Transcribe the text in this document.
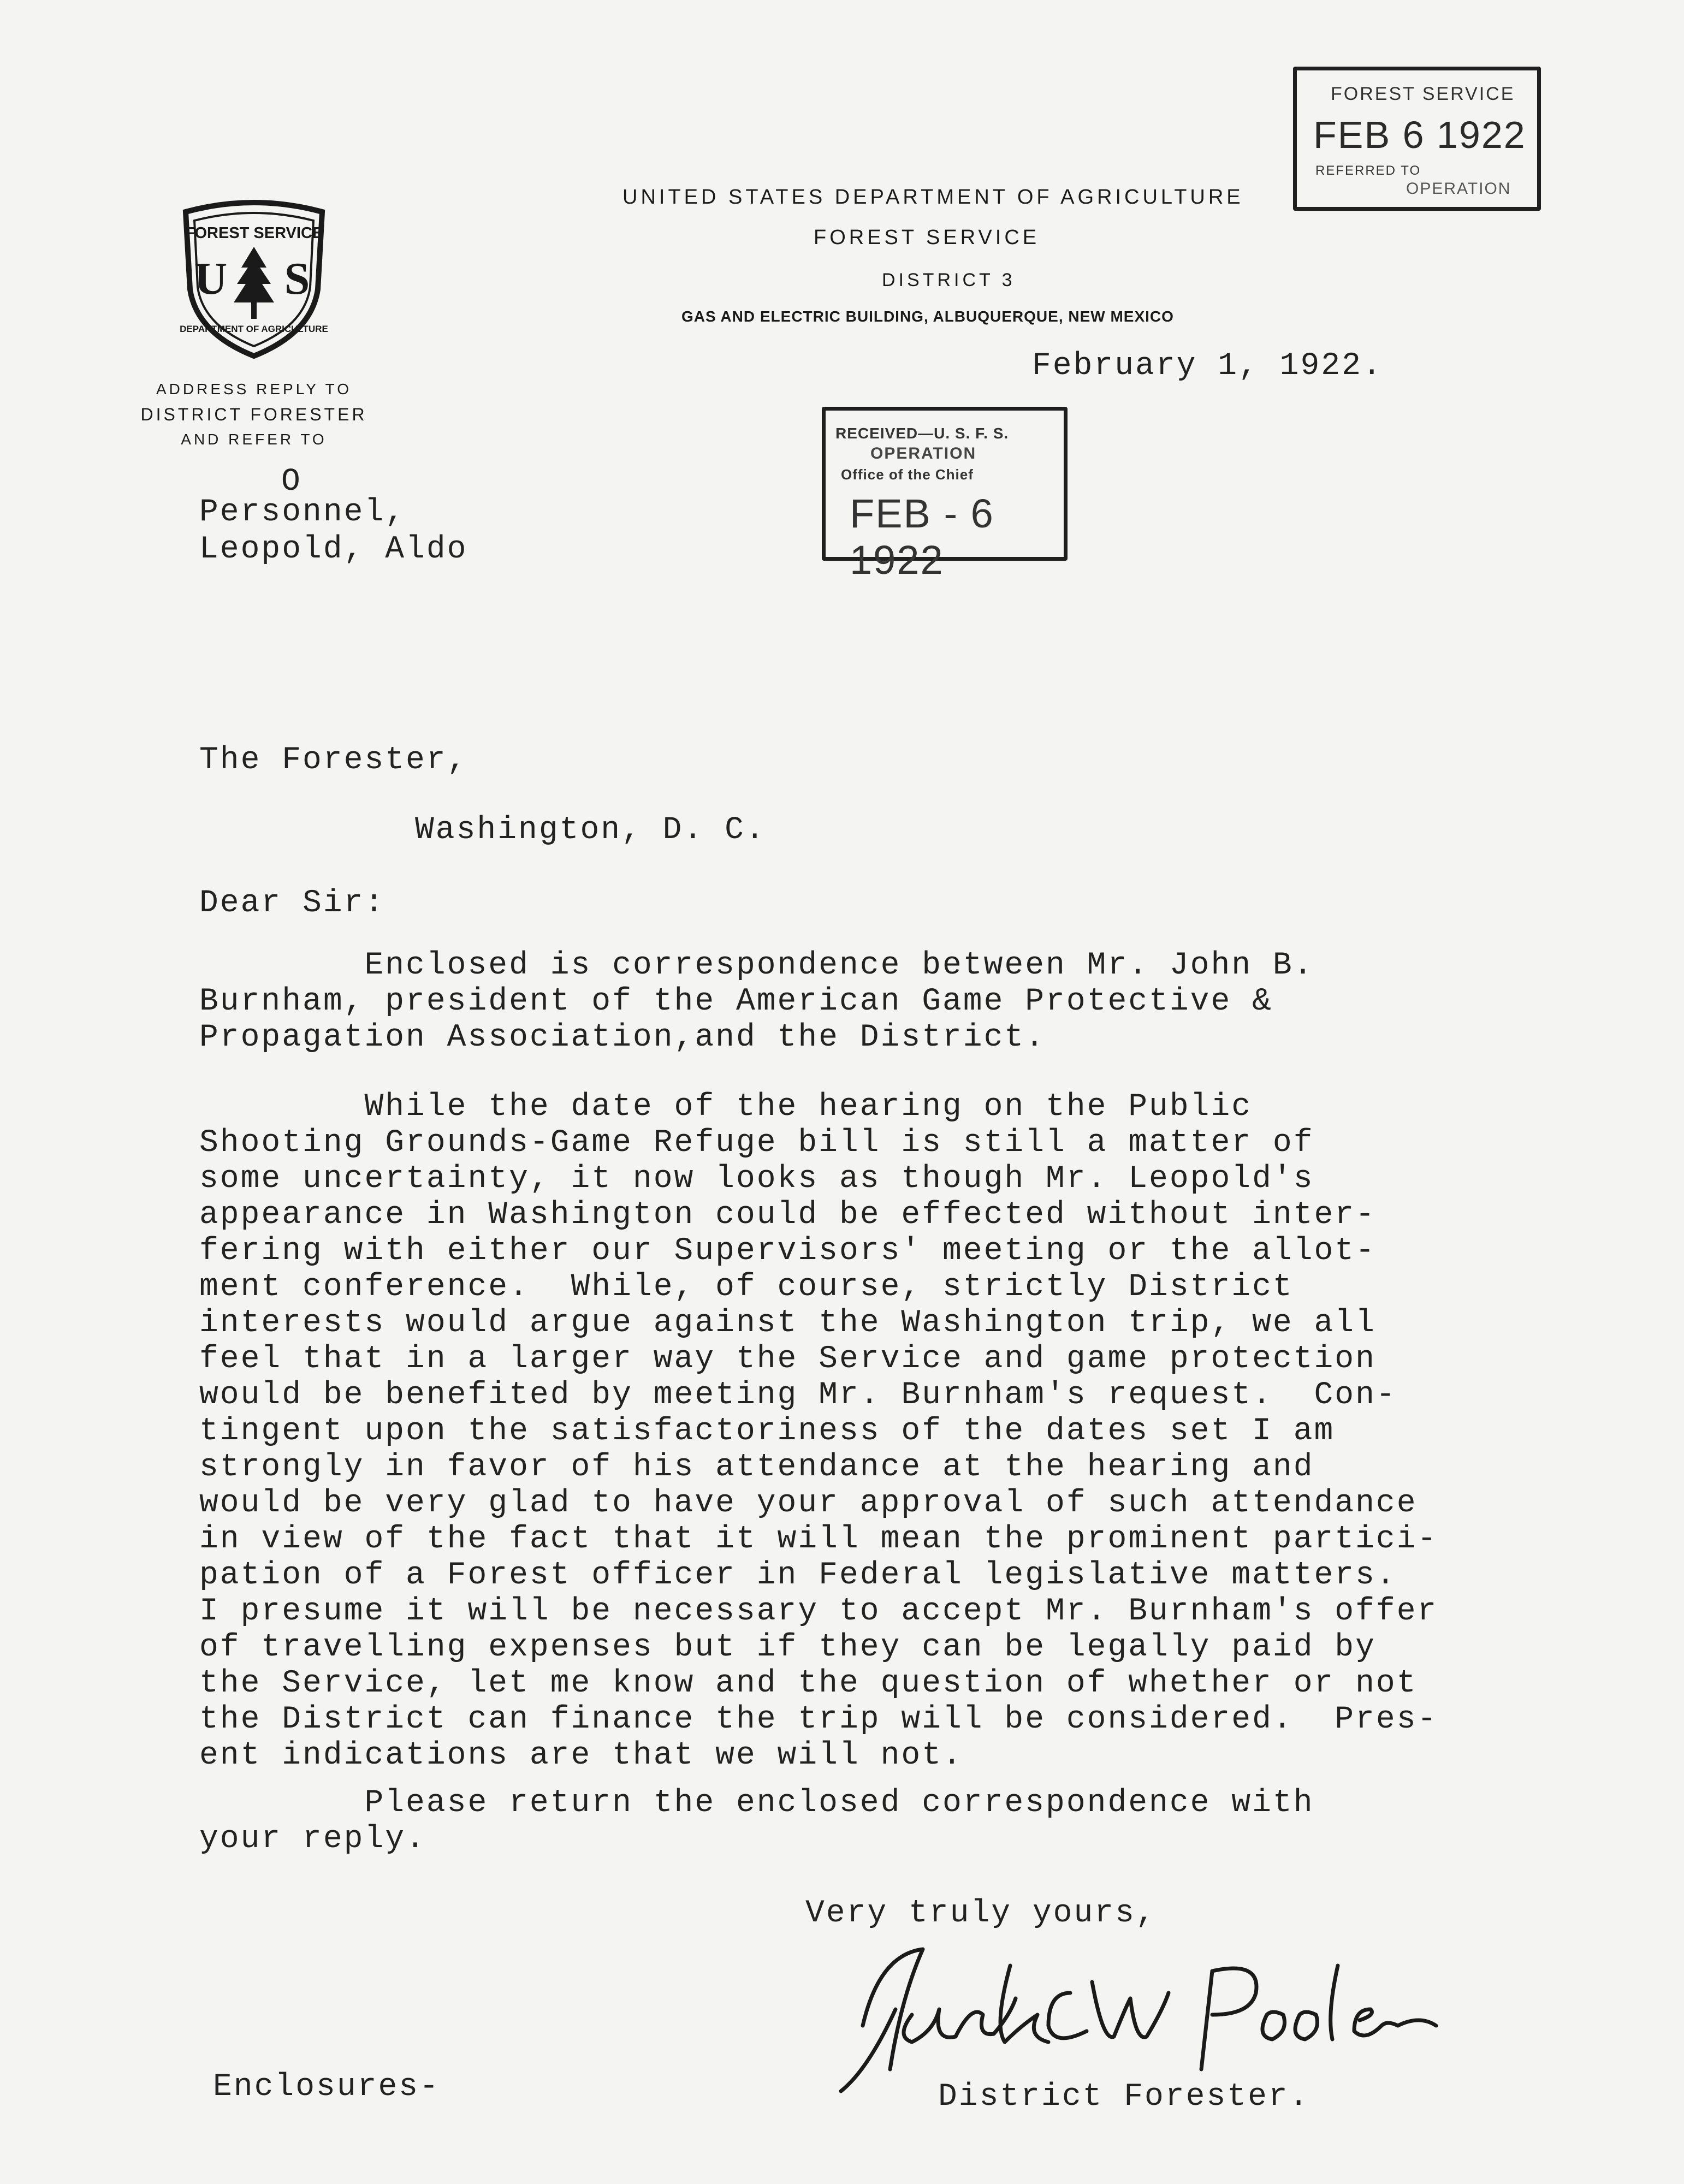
FOREST SERVICE
U S
DEPARTMENT OF AGRICULTURE
UNITED STATES DEPARTMENT OF AGRICULTURE
FOREST SERVICE
DISTRICT 3
GAS AND ELECTRIC BUILDING, ALBUQUERQUE, NEW MEXICO
ADDRESS REPLY TO
DISTRICT FORESTER
AND REFER TO
O
Personnel,
Leopold, Aldo
February 1, 1922.
FOREST SERVICE
FEB 6 1922
REFERRED TO
OPERATION
RECEIVED—U. S. F. S.
OPERATION
Office of the Chief
FEB - 6 1922
The Forester,
Washington, D. C.
Dear Sir:
Enclosed is correspondence between Mr. John B.
Burnham, president of the American Game Protective &
Propagation Association,and the District.
While the date of the hearing on the Public
Shooting Grounds-Game Refuge bill is still a matter of
some uncertainty, it now looks as though Mr. Leopold's
appearance in Washington could be effected without inter-
fering with either our Supervisors' meeting or the allot-
ment conference.  While, of course, strictly District
interests would argue against the Washington trip, we all
feel that in a larger way the Service and game protection
would be benefited by meeting Mr. Burnham's request.  Con-
tingent upon the satisfactoriness of the dates set I am
strongly in favor of his attendance at the hearing and
would be very glad to have your approval of such attendance
in view of the fact that it will mean the prominent partici-
pation of a Forest officer in Federal legislative matters.
I presume it will be necessary to accept Mr. Burnham's offer
of travelling expenses but if they can be legally paid by
the Service, let me know and the question of whether or not
the District can finance the trip will be considered.  Pres-
ent indications are that we will not.
Please return the enclosed correspondence with
your reply.
Very truly yours,
Enclosures-	District Forester.
